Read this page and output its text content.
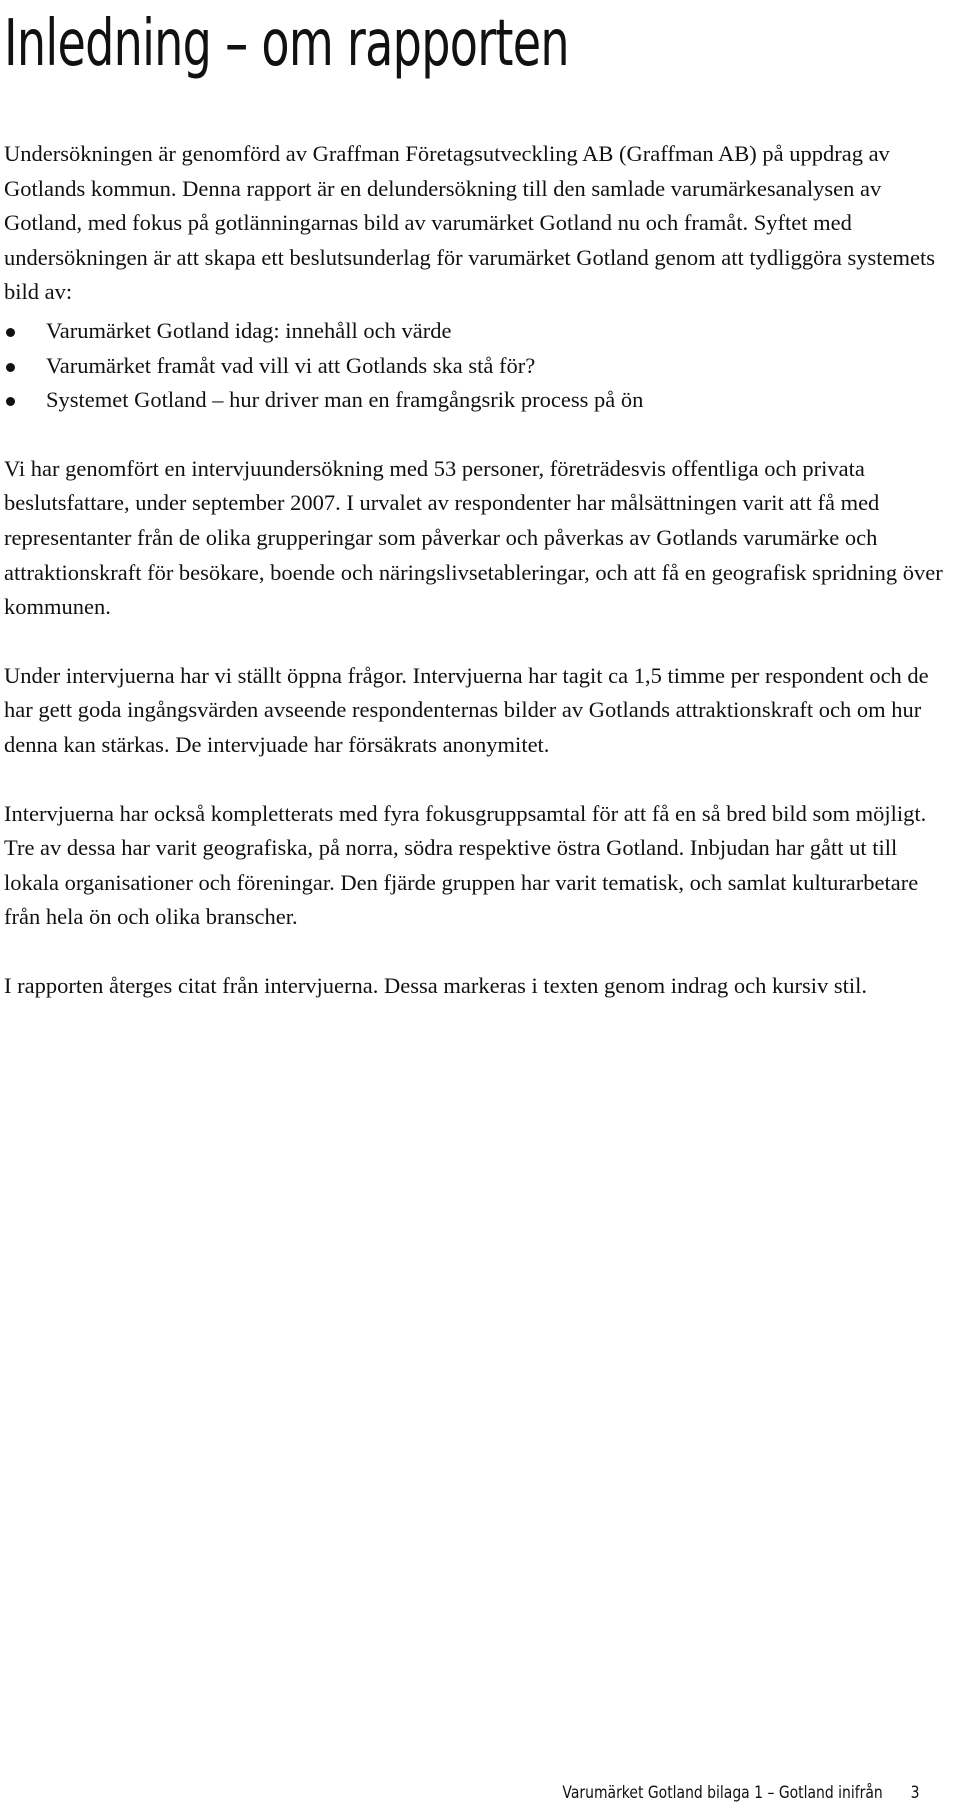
Inledning – om rapporten

Undersökningen är genomförd av Graffman Företagsutveckling AB (Graffman AB) på uppdrag av Gotlands kommun. Denna rapport är en delundersökning till den samlade varumärkesanalysen av Gotland, med fokus på gotlänningarnas bild av varumärket Gotland nu och framåt. Syftet med undersökningen är att skapa ett beslutsunderlag för varumärket Gotland genom att tydliggöra systemets bild av:

Varumärket Gotland idag: innehåll och värde
Varumärket framåt vad vill vi att Gotlands ska stå för?
Systemet Gotland – hur driver man en framgångsrik process på ön

Vi har genomfört en intervjuundersökning med 53 personer, företrädesvis offentliga och privata beslutsfattare, under september 2007. I urvalet av respondenter har målsättningen varit att få med representanter från de olika grupperingar som påverkar och påverkas av Gotlands varumärke och attraktionskraft för besökare, boende och näringslivsetableringar, och att få en geografisk spridning över kommunen.

Under intervjuerna har vi ställt öppna frågor. Intervjuerna har tagit ca 1,5 timme per respondent och de har gett goda ingångsvärden avseende respondenternas bilder av Gotlands attraktionskraft och om hur denna kan stärkas. De intervjuade har försäkrats anonymitet.

Intervjuerna har också kompletterats med fyra fokusgruppsamtal för att få en så bred bild som möjligt. Tre av dessa har varit geografiska, på norra, södra respektive östra Gotland. Inbjudan har gått ut till lokala organisationer och föreningar. Den fjärde gruppen har varit tematisk, och samlat kulturarbetare från hela ön och olika branscher.

I rapporten återges citat från intervjuerna. Dessa markeras i texten genom indrag och kursiv stil.

Varumärket Gotland bilaga 1 – Gotland inifrån 3
